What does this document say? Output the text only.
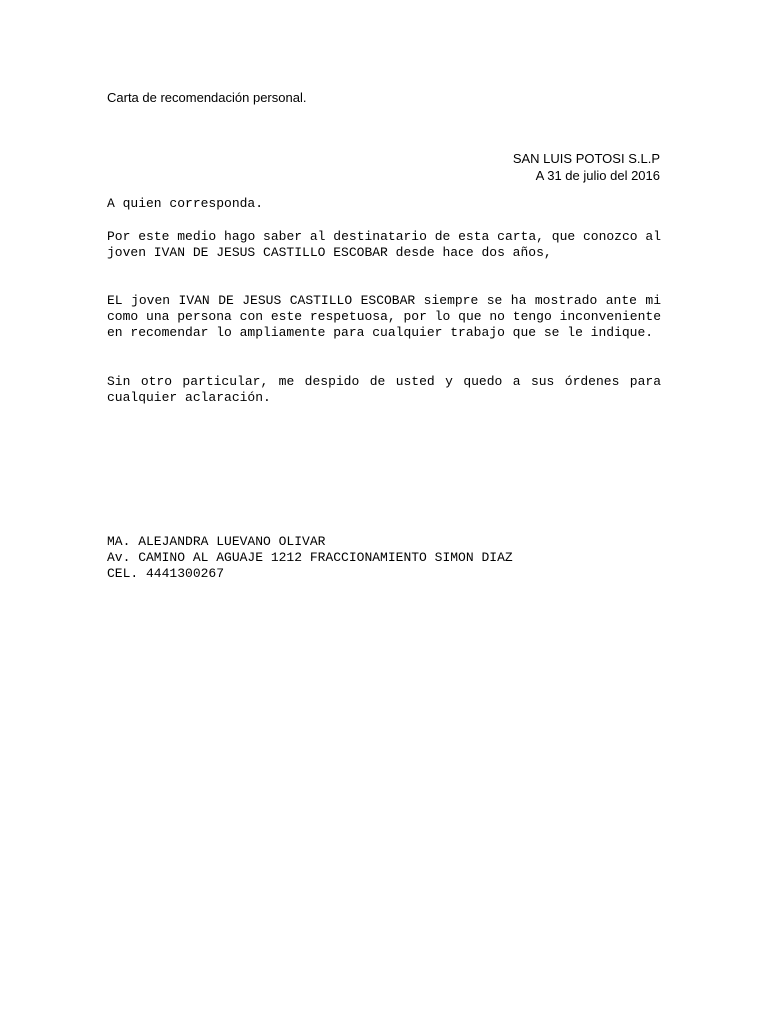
Carta de recomendación personal.
SAN LUIS POTOSI S.L.P
A 31 de julio del 2016
A quien corresponda.

Por este medio hago saber al destinatario de esta carta, que conozco al joven IVAN DE JESUS CASTILLO ESCOBAR desde hace dos años,

EL joven IVAN DE JESUS CASTILLO ESCOBAR siempre se ha mostrado ante mi como una persona con este respetuosa, por lo que no tengo inconveniente en recomendar lo ampliamente para cualquier trabajo que se le indique.

Sin otro particular, me despido de usted y quedo a sus órdenes para cualquier aclaración.

MA. ALEJANDRA LUEVANO OLIVAR
Av. CAMINO AL AGUAJE 1212 FRACCIONAMIENTO SIMON DIAZ
CEL. 4441300267
